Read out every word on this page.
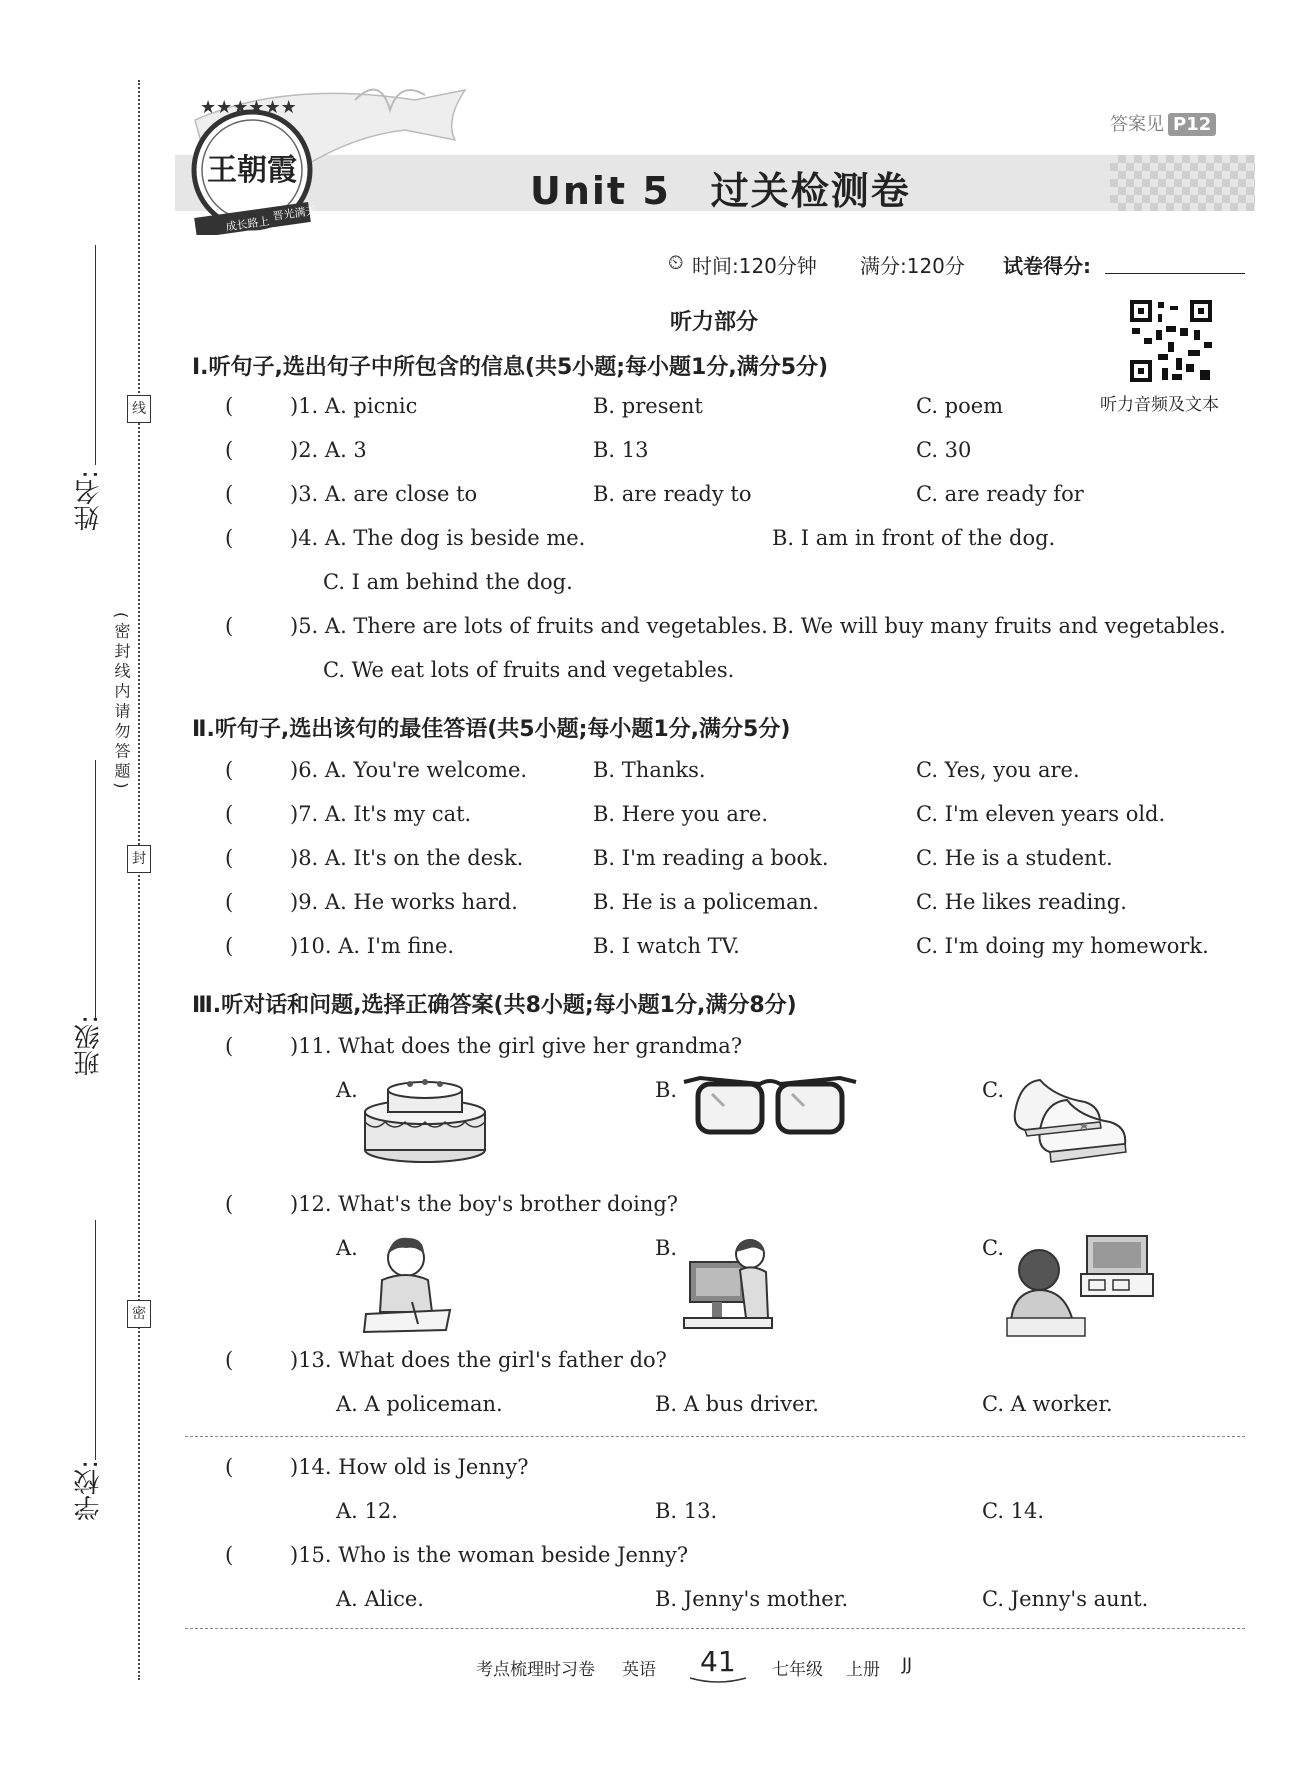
姓名:
班级:
学校:
线
封
密
(密封线内请勿答题)
★★★★★★
王朝霞
成长路上
晋光满天
Unit 5　过关检测卷
答案见 P12
⏲ 时间:120分钟 满分:120分 试卷得分:
听力部分
听力音频及文本
Ⅰ.听句子,选出句子中所包含的信息(共5小题;每小题1分,满分5分)
(	)1. A. picnic	B. present	C. poem
(	)2. A. 3	B. 13	C. 30
(	)3. A. are close to	B. are ready to	C. are ready for
(	)4. A. The dog is beside me.	B. I am in front of the dog.
C. I am behind the dog.
(	)5. A. There are lots of fruits and vegetables. B. We will buy many fruits and vegetables.
C. We eat lots of fruits and vegetables.
Ⅱ.听句子,选出该句的最佳答语(共5小题;每小题1分,满分5分)
(	)6. A. You're welcome.	B. Thanks.	C. Yes, you are.
(	)7. A. It's my cat.	B. Here you are.	C. I'm eleven years old.
(	)8. A. It's on the desk.	B. I'm reading a book.	C. He is a student.
(	)9. A. He works hard.	B. He is a policeman.	C. He likes reading.
(	)10. A. I'm fine.	B. I watch TV.	C. I'm doing my homework.
Ⅲ.听对话和问题,选择正确答案(共8小题;每小题1分,满分8分)
(	)11. What does the girl give her grandma?
A.	B.	C.
(	)12. What's the boy's brother doing?
A.	B.	C.
(	)13. What does the girl's father do?
A. A policeman.	B. A bus driver.	C. A worker.
(	)14. How old is Jenny?
A. 12.	B. 13.	C. 14.
(	)15. Who is the woman beside Jenny?
A. Alice.	B. Jenny's mother.	C. Jenny's aunt.
考点梳理时习卷 英语 41 七年级 上册 JJ
